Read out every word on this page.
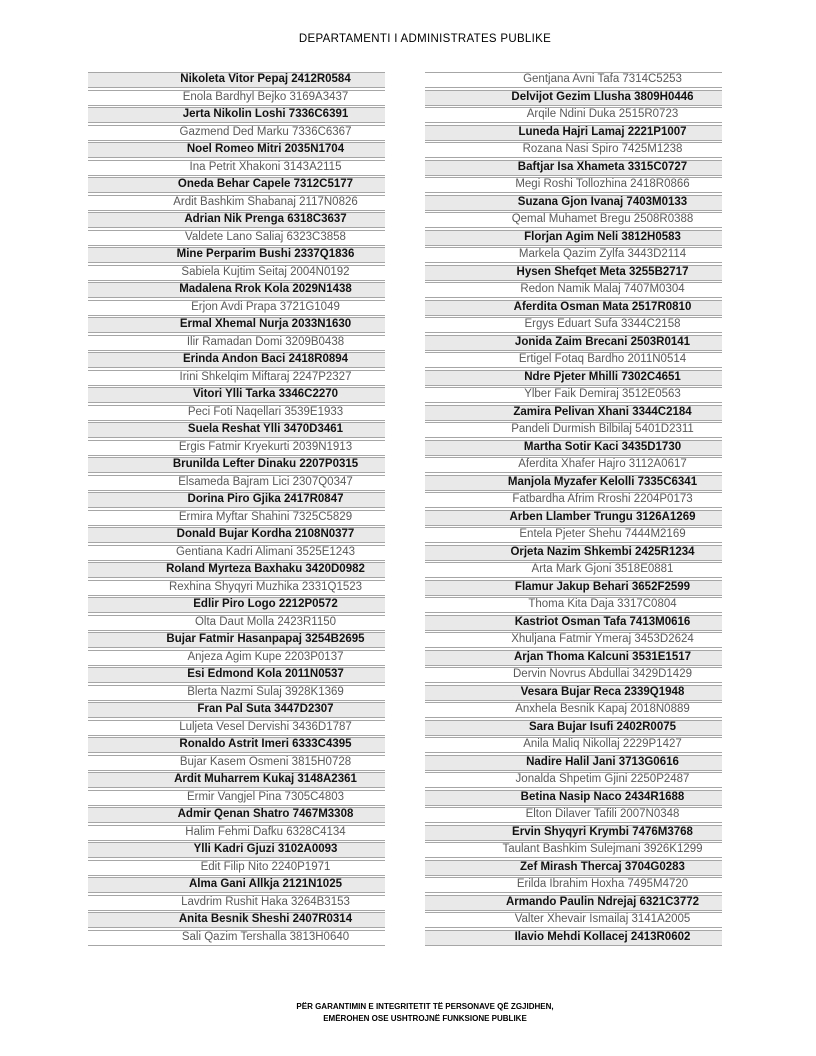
DEPARTAMENTI I ADMINISTRATES PUBLIKE
Nikoleta Vitor Pepaj 2412R0584
Enola Bardhyl Bejko 3169A3437
Jerta Nikolin Loshi 7336C6391
Gazmend Ded Marku 7336C6367
Noel Romeo Mitri 2035N1704
Ina Petrit Xhakoni 3143A2115
Oneda Behar Capele 7312C5177
Ardit Bashkim Shabanaj 2117N0826
Adrian Nik Prenga 6318C3637
Valdete Lano Saliaj 6323C3858
Mine Perparim Bushi 2337Q1836
Sabiela Kujtim Seitaj 2004N0192
Madalena Rrok Kola 2029N1438
Erjon Avdi Prapa 3721G1049
Ermal Xhemal Nurja 2033N1630
Ilir Ramadan Domi 3209B0438
Erinda Andon Baci 2418R0894
Irini Shkelqim Miftaraj 2247P2327
Vitori Ylli Tarka 3346C2270
Peci Foti Naqellari 3539E1933
Suela Reshat Ylli 3470D3461
Ergis Fatmir Kryekurti 2039N1913
Brunilda Lefter Dinaku 2207P0315
Elsameda Bajram Lici 2307Q0347
Dorina Piro Gjika 2417R0847
Ermira Myftar Shahini 7325C5829
Donald Bujar Kordha 2108N0377
Gentiana Kadri Alimani 3525E1243
Roland Myrteza Baxhaku 3420D0982
Rexhina Shyqyri Muzhika 2331Q1523
Edlir Piro Logo 2212P0572
Olta Daut Molla 2423R1150
Bujar Fatmir Hasanpapaj 3254B2695
Anjeza Agim Kupe 2203P0137
Esi Edmond Kola 2011N0537
Blerta Nazmi Sulaj 3928K1369
Fran Pal Suta 3447D2307
Luljeta Vesel Dervishi 3436D1787
Ronaldo Astrit Imeri 6333C4395
Bujar Kasem Osmeni 3815H0728
Ardit Muharrem Kukaj 3148A2361
Ermir Vangjel Pina 7305C4803
Admir Qenan Shatro 7467M3308
Halim Fehmi Dafku 6328C4134
Ylli Kadri Gjuzi 3102A0093
Edit Filip Nito 2240P1971
Alma Gani Allkja 2121N1025
Lavdrim Rushit Haka 3264B3153
Anita Besnik Sheshi 2407R0314
Sali Qazim Tershalla 3813H0640
Gentjana Avni Tafa 7314C5253
Delvijot Gezim Llusha 3809H0446
Arqile Ndini Duka 2515R0723
Luneda Hajri Lamaj 2221P1007
Rozana Nasi Spiro 7425M1238
Baftjar Isa Xhameta 3315C0727
Megi Roshi Tollozhina 2418R0866
Suzana Gjon Ivanaj 7403M0133
Qemal Muhamet Bregu 2508R0388
Florjan Agim Neli 3812H0583
Markela Qazim Zylfa 3443D2114
Hysen Shefqet Meta 3255B2717
Redon Namik Malaj 7407M0304
Aferdita Osman Mata 2517R0810
Ergys Eduart Sufa 3344C2158
Jonida Zaim Brecani 2503R0141
Ertigel Fotaq Bardho 2011N0514
Ndre Pjeter Mhilli 7302C4651
Ylber Faik Demiraj 3512E0563
Zamira Pelivan Xhani 3344C2184
Pandeli Durmish Bilbilaj 5401D2311
Martha Sotir Kaci 3435D1730
Aferdita Xhafer Hajro 3112A0617
Manjola Myzafer Kelolli 7335C6341
Fatbardha Afrim Rroshi 2204P0173
Arben Llamber Trungu 3126A1269
Entela Pjeter Shehu 7444M2169
Orjeta Nazim Shkembi 2425R1234
Arta Mark Gjoni 3518E0881
Flamur Jakup Behari 3652F2599
Thoma Kita Daja 3317C0804
Kastriot Osman Tafa 7413M0616
Xhuljana Fatmir Ymeraj 3453D2624
Arjan Thoma Kalcuni 3531E1517
Dervin Novrus Abdullai 3429D1429
Vesara Bujar Reca 2339Q1948
Anxhela Besnik Kapaj 2018N0889
Sara Bujar Isufi 2402R0075
Anila Maliq Nikollaj 2229P1427
Nadire Halil Jani 3713G0616
Jonalda Shpetim Gjini 2250P2487
Betina Nasip Naco 2434R1688
Elton Dilaver Tafili 2007N0348
Ervin Shyqyri Krymbi 7476M3768
Taulant Bashkim Sulejmani 3926K1299
Zef Mirash Thercaj 3704G0283
Erilda Ibrahim Hoxha 7495M4720
Armando Paulin Ndrejaj 6321C3772
Valter Xhevair Ismailaj 3141A2005
Ilavio Mehdi Kollacej 2413R0602
PËR GARANTIMIN E INTEGRITETIT TË PERSONAVE QË ZGJIDHEN,
EMËROHEN OSE USHTROJNË FUNKSIONE PUBLIKE
